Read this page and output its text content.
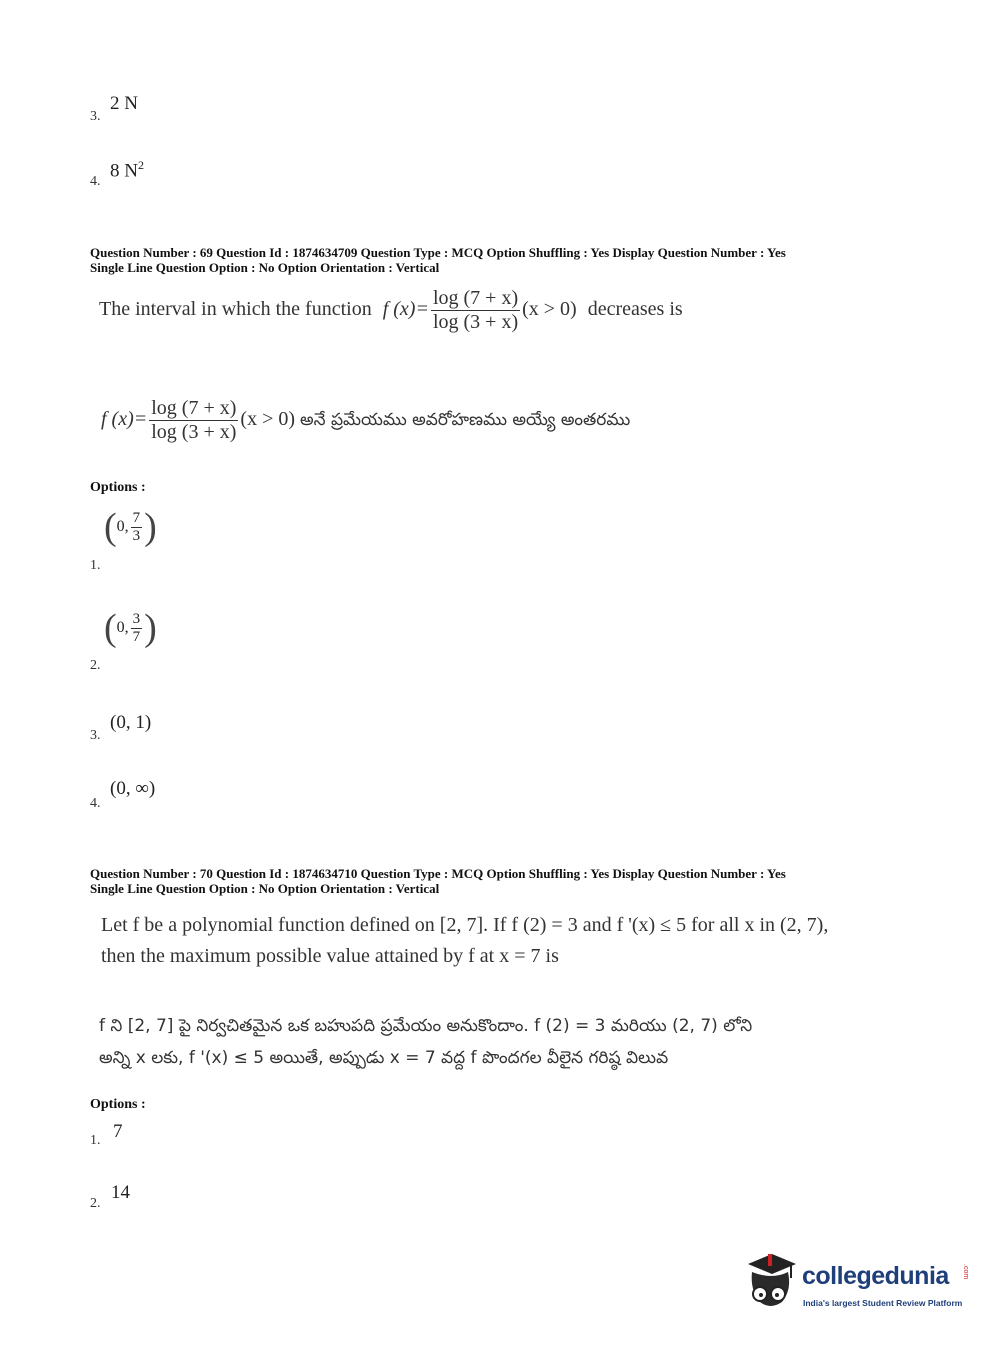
3.
2 N
4.
8 $N^2$
Question Number : 69 Question Id : 1874634709 Question Type : MCQ Option Shuffling : Yes Display Question Number : Yes
Single Line Question Option : No Option Orientation : Vertical
The interval in which the function f $(x)= \frac{\log (7 + x)}{\log (3 + x)} (x > 0)$ decreases is
f $(x)= \frac{\log (7 + x)}{\log (3 + x)} (x > 0)$ అనే ప్రమేయము అవరోహణము అయ్యే అంతరము
Options :
1.
(0, $\frac{7}{3}$ )
2.
(0, $\frac{3}{7}$ )
3.
(0, 1)
4.
(0, ∞)
Question Number : 70 Question Id : 1874634710 Question Type : MCQ Option Shuffling : Yes Display Question Number : Yes
Single Line Question Option : No Option Orientation : Vertical
Let f be a polynomial function defined on [2, 7]. If f (2) = 3 and f '(x) ≤ 5 for all x in (2, 7),
then the maximum possible value attained by f at x = 7 is
f ని [2, 7] పై నిర్వచితమైన ఒక బహుపది ప్రమేయం అనుకొందాం. f (2) = 3 మరియు (2, 7) లోని
అన్ని x లకు, f '(x) ≤ 5 అయితే, అప్పుడు x = 7 వద్ద f పొందగల వీలైన గరిష్ఠ విలువ
Options :
1. 7
2.
14
collegedunia .com
India's largest Student Review Platform
